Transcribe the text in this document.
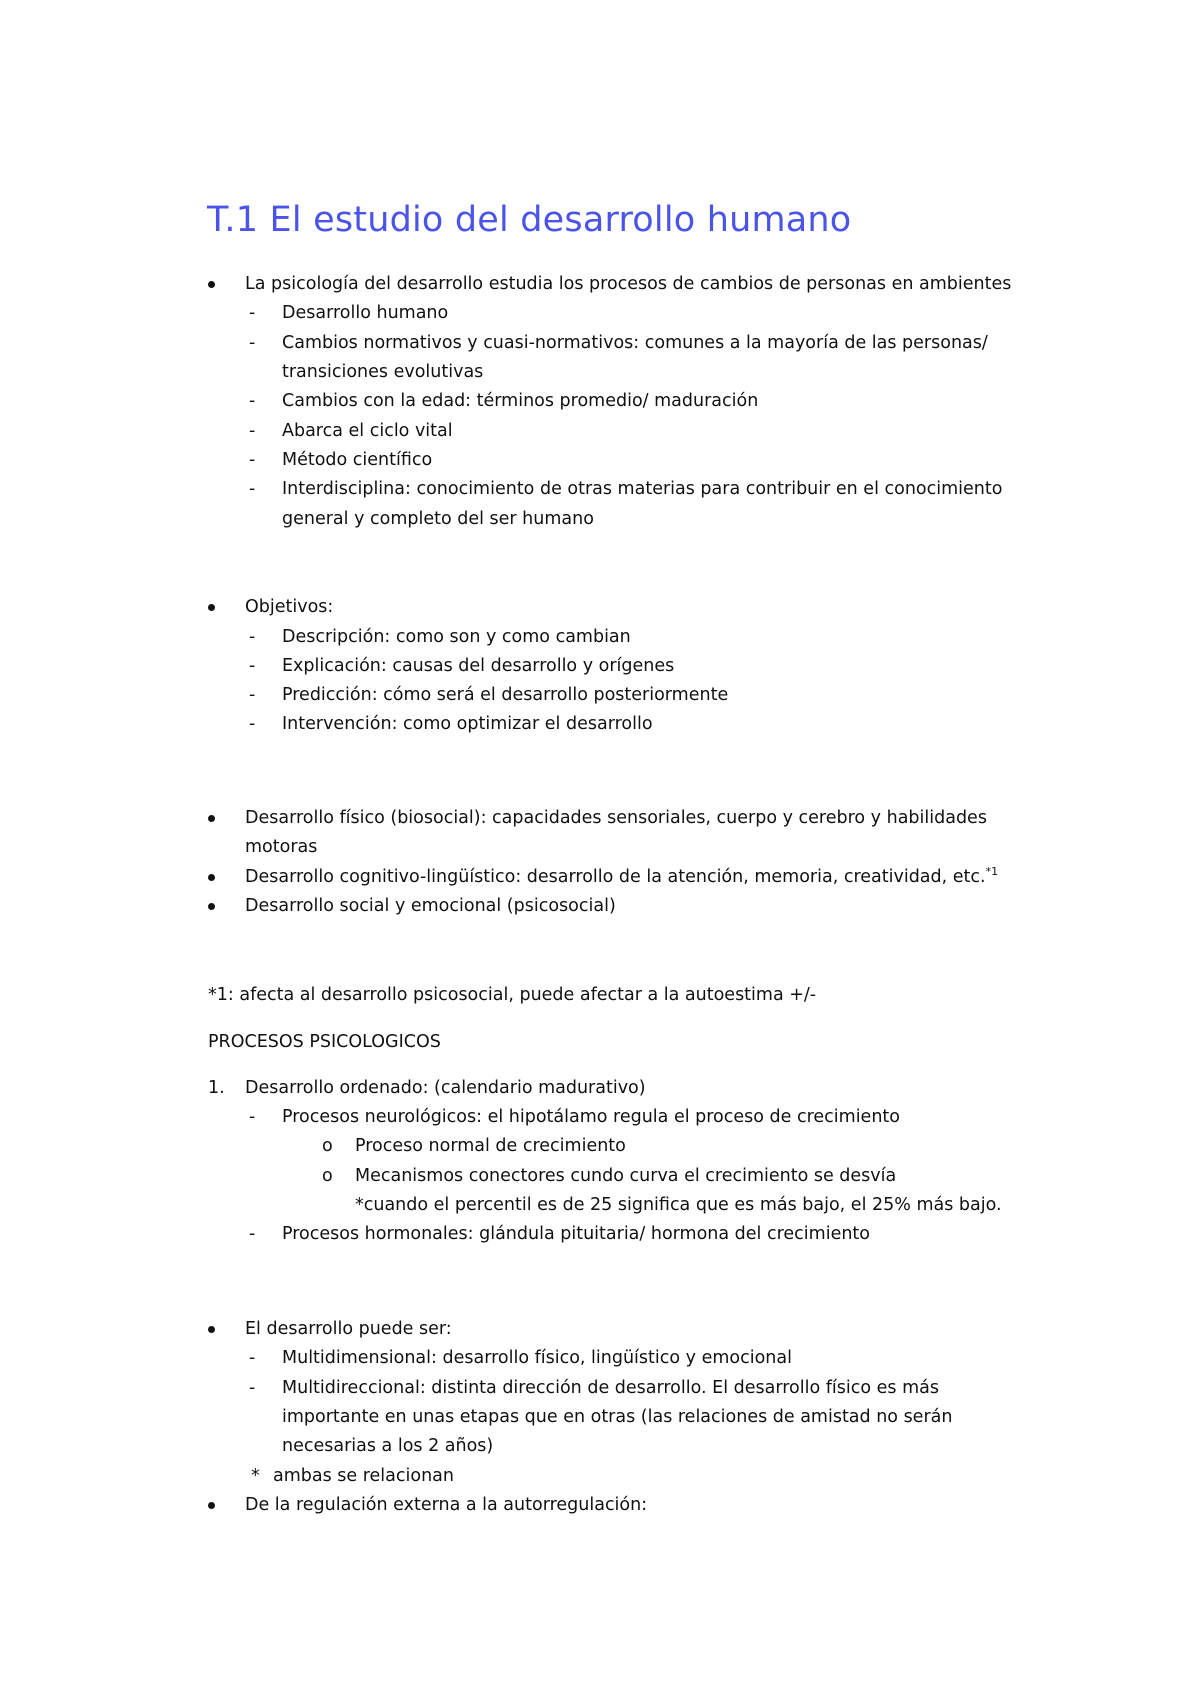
T.1 El estudio del desarrollo humano
La psicología del desarrollo estudia los procesos de cambios de personas en ambientes
- Desarrollo humano
- Cambios normativos y cuasi-normativos: comunes a la mayoría de las personas/
transiciones evolutivas
- Cambios con la edad: términos promedio/ maduración
- Abarca el ciclo vital
- Método científico
- Interdisciplina: conocimiento de otras materias para contribuir en el conocimiento
general y completo del ser humano
Objetivos:
- Descripción: como son y como cambian
- Explicación: causas del desarrollo y orígenes
- Predicción: cómo será el desarrollo posteriormente
- Intervención: como optimizar el desarrollo
Desarrollo físico (biosocial): capacidades sensoriales, cuerpo y cerebro y habilidades
motoras
Desarrollo cognitivo-lingüístico: desarrollo de la atención, memoria, creatividad, etc.$^{*1}$
Desarrollo social y emocional (psicosocial)
*1: afecta al desarrollo psicosocial, puede afectar a la autoestima +/-
PROCESOS PSICOLOGICOS
1. Desarrollo ordenado: (calendario madurativo)
- Procesos neurológicos: el hipotálamo regula el proceso de crecimiento
o Proceso normal de crecimiento
o Mecanismos conectores cundo curva el crecimiento se desvía
*cuando el percentil es de 25 significa que es más bajo, el 25% más bajo.
- Procesos hormonales: glándula pituitaria/ hormona del crecimiento
El desarrollo puede ser:
- Multidimensional: desarrollo físico, lingüístico y emocional
- Multidireccional: distinta dirección de desarrollo. El desarrollo físico es más
importante en unas etapas que en otras (las relaciones de amistad no serán
necesarias a los 2 años)
* ambas se relacionan
De la regulación externa a la autorregulación:
